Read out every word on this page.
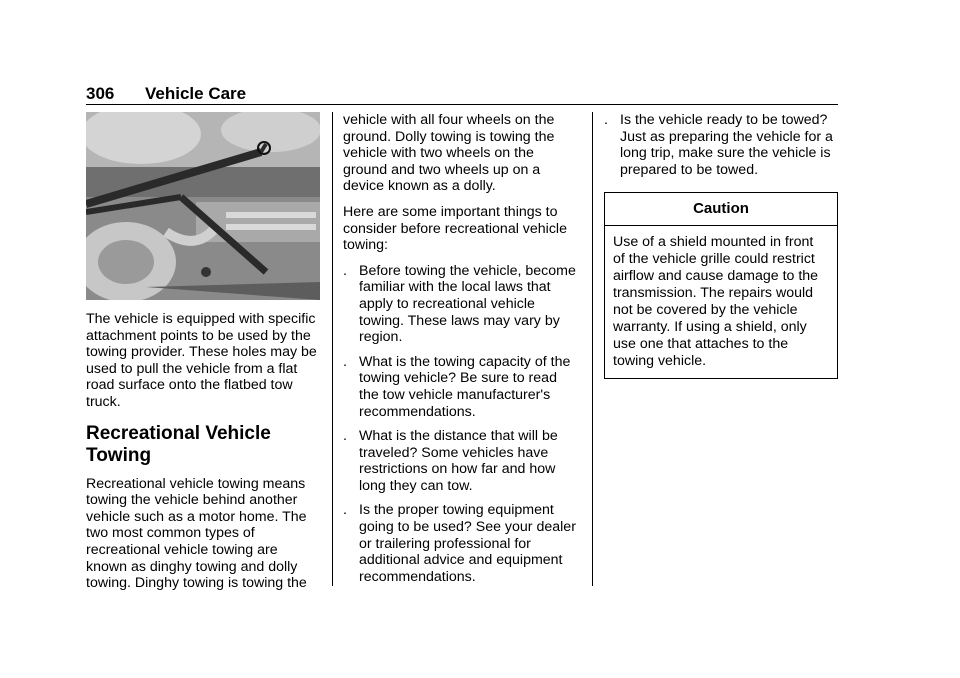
306 Vehicle Care

The vehicle is equipped with specific attachment points to be used by the towing provider. These holes may be used to pull the vehicle from a flat road surface onto the flatbed tow truck.

Recreational Vehicle Towing

Recreational vehicle towing means towing the vehicle behind another vehicle such as a motor home. The two most common types of recreational vehicle towing are known as dinghy towing and dolly towing. Dinghy towing is towing the

vehicle with all four wheels on the ground. Dolly towing is towing the vehicle with two wheels on the ground and two wheels up on a device known as a dolly.

Here are some important things to consider before recreational vehicle towing:

. Before towing the vehicle, become familiar with the local laws that apply to recreational vehicle towing. These laws may vary by region.
. What is the towing capacity of the towing vehicle? Be sure to read the tow vehicle manufacturer's recommendations.
. What is the distance that will be traveled? Some vehicles have restrictions on how far and how long they can tow.
. Is the proper towing equipment going to be used? See your dealer or trailering professional for additional advice and equipment recommendations.
. Is the vehicle ready to be towed? Just as preparing the vehicle for a long trip, make sure the vehicle is prepared to be towed.
Caution
Use of a shield mounted in front of the vehicle grille could restrict airflow and cause damage to the transmission. The repairs would not be covered by the vehicle warranty. If using a shield, only use one that attaches to the towing vehicle.
